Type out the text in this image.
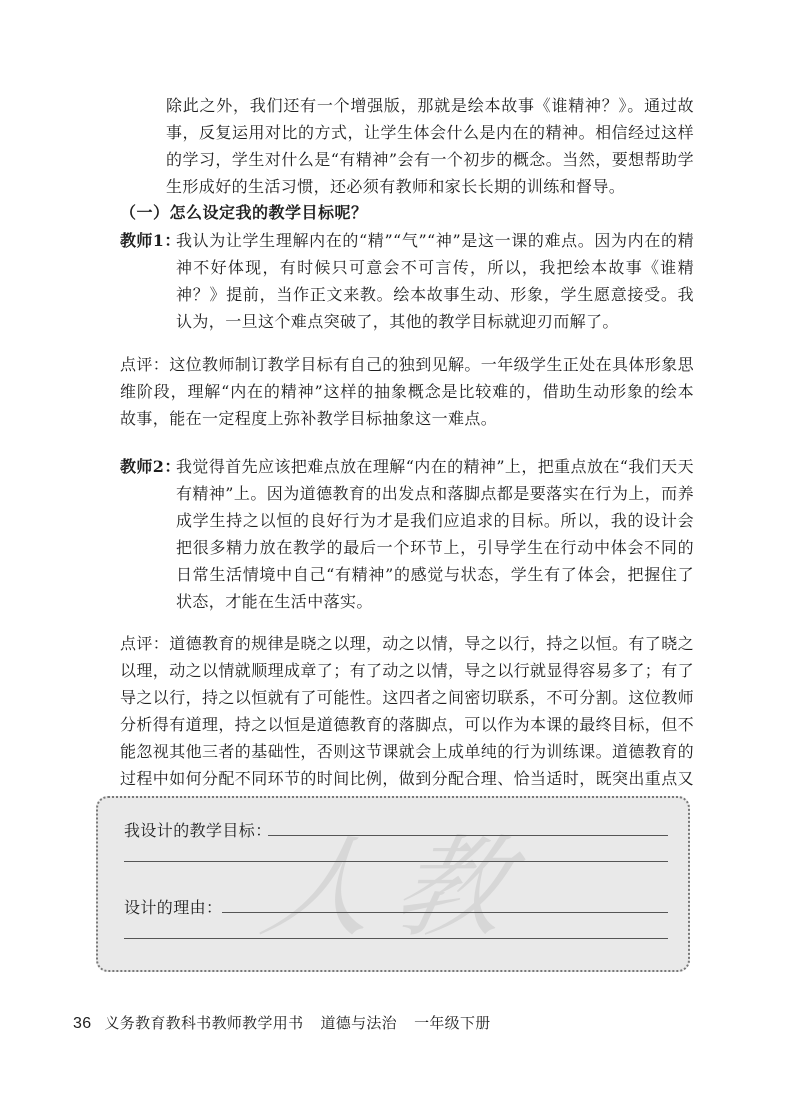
除此之外，我们还有一个增强版，那就是绘本故事《谁精神？》。通过故事，反复运用对比的方式，让学生体会什么是内在的精神。相信经过这样的学习，学生对什么是“有精神”会有一个初步的概念。当然，要想帮助学生形成好的生活习惯，还必须有教师和家长长期的训练和督导。

（一）怎么设定我的教学目标呢？
教师1：
我认为让学生理解内在的“精”“气”“神”是这一课的难点。因为内在的精神不好体现，有时候只可意会不可言传，所以，我把绘本故事《谁精神？》提前，当作正文来教。绘本故事生动、形象，学生愿意接受。我认为，一旦这个难点突破了，其他的教学目标就迎刃而解了。

点评：这位教师制订教学目标有自己的独到见解。一年级学生正处在具体形象思维阶段，理解“内在的精神”这样的抽象概念是比较难的，借助生动形象的绘本故事，能在一定程度上弥补教学目标抽象这一难点。

教师2：
我觉得首先应该把难点放在理解“内在的精神”上，把重点放在“我们天天有精神”上。因为道德教育的出发点和落脚点都是要落实在行为上，而养成学生持之以恒的良好行为才是我们应追求的目标。所以，我的设计会把很多精力放在教学的最后一个环节上，引导学生在行动中体会不同的日常生活情境中自己“有精神”的感觉与状态，学生有了体会，把握住了状态，才能在生活中落实。

点评：道德教育的规律是晓之以理，动之以情，导之以行，持之以恒。有了晓之以理，动之以情就顺理成章了；有了动之以情，导之以行就显得容易多了；有了导之以行，持之以恒就有了可能性。这四者之间密切联系，不可分割。这位教师分析得有道理，持之以恒是道德教育的落脚点，可以作为本课的最终目标，但不能忽视其他三者的基础性，否则这节课就会上成单纯的行为训练课。道德教育的过程中如何分配不同环节的时间比例，做到分配合理、恰当适时，既突出重点又

人教
我设计的教学目标：
设计的理由：
36 义务教育教科书教师教学用书 道德与法治 一年级下册
